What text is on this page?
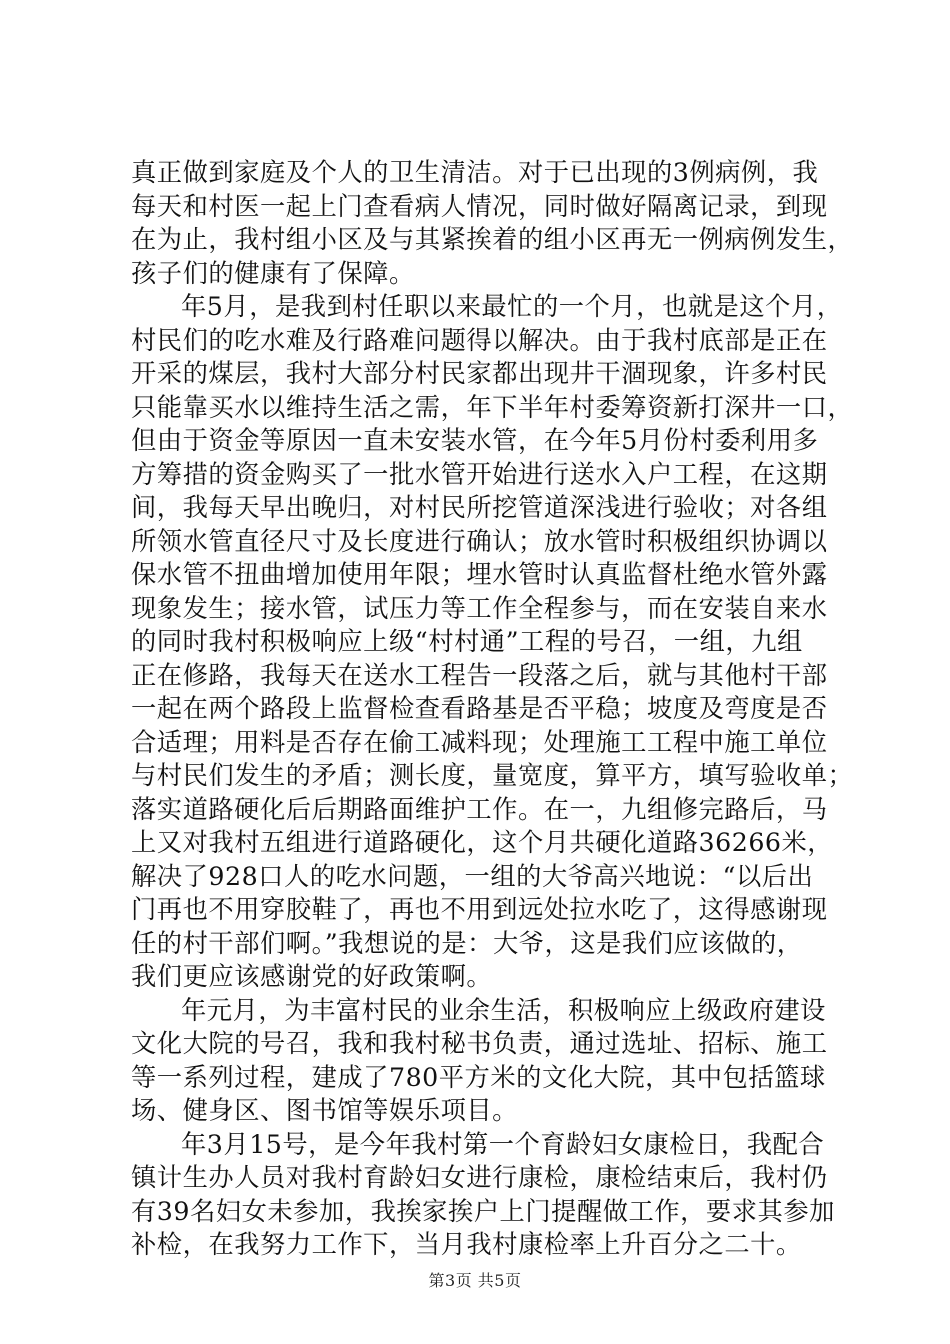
真正做到家庭及个人的卫生清洁。对于已出现的3例病例，我
每天和村医一起上门查看病人情况，同时做好隔离记录，到现
在为止，我村组小区及与其紧挨着的组小区再无一例病例发生，
孩子们的健康有了保障。
年5月，是我到村任职以来最忙的一个月，也就是这个月，
村民们的吃水难及行路难问题得以解决。由于我村底部是正在
开采的煤层，我村大部分村民家都出现井干涸现象，许多村民
只能靠买水以维持生活之需，年下半年村委筹资新打深井一口，
但由于资金等原因一直未安装水管，在今年5月份村委利用多
方筹措的资金购买了一批水管开始进行送水入户工程，在这期
间，我每天早出晚归，对村民所挖管道深浅进行验收；对各组
所领水管直径尺寸及长度进行确认；放水管时积极组织协调以
保水管不扭曲增加使用年限；埋水管时认真监督杜绝水管外露
现象发生；接水管，试压力等工作全程参与，而在安装自来水
的同时我村积极响应上级“村村通”工程的号召，一组，九组
正在修路，我每天在送水工程告一段落之后，就与其他村干部
一起在两个路段上监督检查看路基是否平稳；坡度及弯度是否
合适理；用料是否存在偷工减料现；处理施工工程中施工单位
与村民们发生的矛盾；测长度，量宽度，算平方，填写验收单；
落实道路硬化后后期路面维护工作。在一，九组修完路后，马
上又对我村五组进行道路硬化，这个月共硬化道路36266米，
解决了928口人的吃水问题，一组的大爷高兴地说：“以后出
门再也不用穿胶鞋了，再也不用到远处拉水吃了，这得感谢现
任的村干部们啊。”我想说的是：大爷，这是我们应该做的，
我们更应该感谢党的好政策啊。
年元月，为丰富村民的业余生活，积极响应上级政府建设
文化大院的号召，我和我村秘书负责，通过选址、招标、施工
等一系列过程，建成了780平方米的文化大院，其中包括篮球
场、健身区、图书馆等娱乐项目。
年3月15号，是今年我村第一个育龄妇女康检日，我配合
镇计生办人员对我村育龄妇女进行康检，康检结束后，我村仍
有39名妇女未参加，我挨家挨户上门提醒做工作，要求其参加
补检，在我努力工作下，当月我村康检率上升百分之二十。
第3页 共5页
